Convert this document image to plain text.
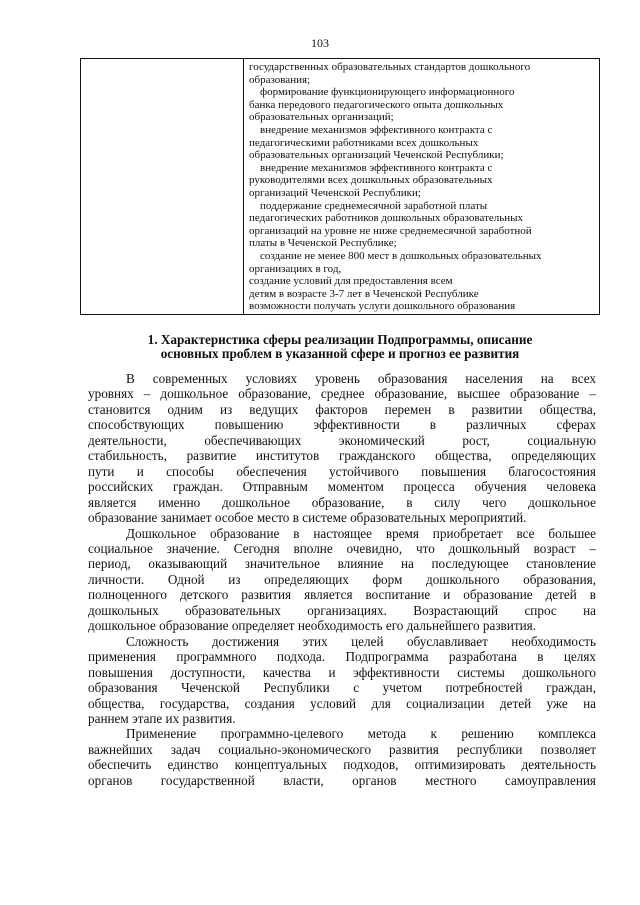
103
государственных образовательных стандартов дошкольного
образования;
формирование функционирующего информационного
банка передового педагогического опыта дошкольных
образовательных организаций;
внедрение механизмов эффективного контракта с
педагогическими работниками всех дошкольных
образовательных организаций Чеченской Республики;
внедрение механизмов эффективного контракта с
руководителями всех дошкольных образовательных
организаций Чеченской Республики;
поддержание среднемесячной заработной платы
педагогических работников дошкольных образовательных
организаций на уровне не ниже среднемесячной заработной
платы в Чеченской Республике;
создание не менее 800 мест в дошкольных образовательных
организациях в год,
создание условий для предоставления всем
детям в возрасте 3-7 лет в Чеченской Республике
возможности получать услуги дошкольного образования
1. Характеристика сферы реализации Подпрограммы, описание
основных проблем в указанной сфере и прогноз ее развития
В современных условиях уровень образования населения на всех
уровнях – дошкольное образование, среднее образование, высшее образование –
становится одним из ведущих факторов перемен в развитии общества,
способствующих повышению эффективности в различных сферах
деятельности, обеспечивающих экономический рост, социальную
стабильность, развитие институтов гражданского общества, определяющих
пути и способы обеспечения устойчивого повышения благосостояния
российских граждан. Отправным моментом процесса обучения человека
является именно дошкольное образование, в силу чего дошкольное
образование занимает особое место в системе образовательных мероприятий.
Дошкольное образование в настоящее время приобретает все большее
социальное значение. Сегодня вполне очевидно, что дошкольный возраст –
период, оказывающий значительное влияние на последующее становление
личности. Одной из определяющих форм дошкольного образования,
полноценного детского развития является воспитание и образование детей в
дошкольных образовательных организациях. Возрастающий спрос на
дошкольное образование определяет необходимость его дальнейшего развития.
Сложность достижения этих целей обуславливает необходимость
применения программного подхода. Подпрограмма разработана в целях
повышения доступности, качества и эффективности системы дошкольного
образования Чеченской Республики с учетом потребностей граждан,
общества, государства, создания условий для социализации детей уже на
раннем этапе их развития.
Применение программно-целевого метода к решению комплекса
важнейших задач социально-экономического развития республики позволяет
обеспечить единство концептуальных подходов, оптимизировать деятельность
органов государственной власти, органов местного самоуправления
